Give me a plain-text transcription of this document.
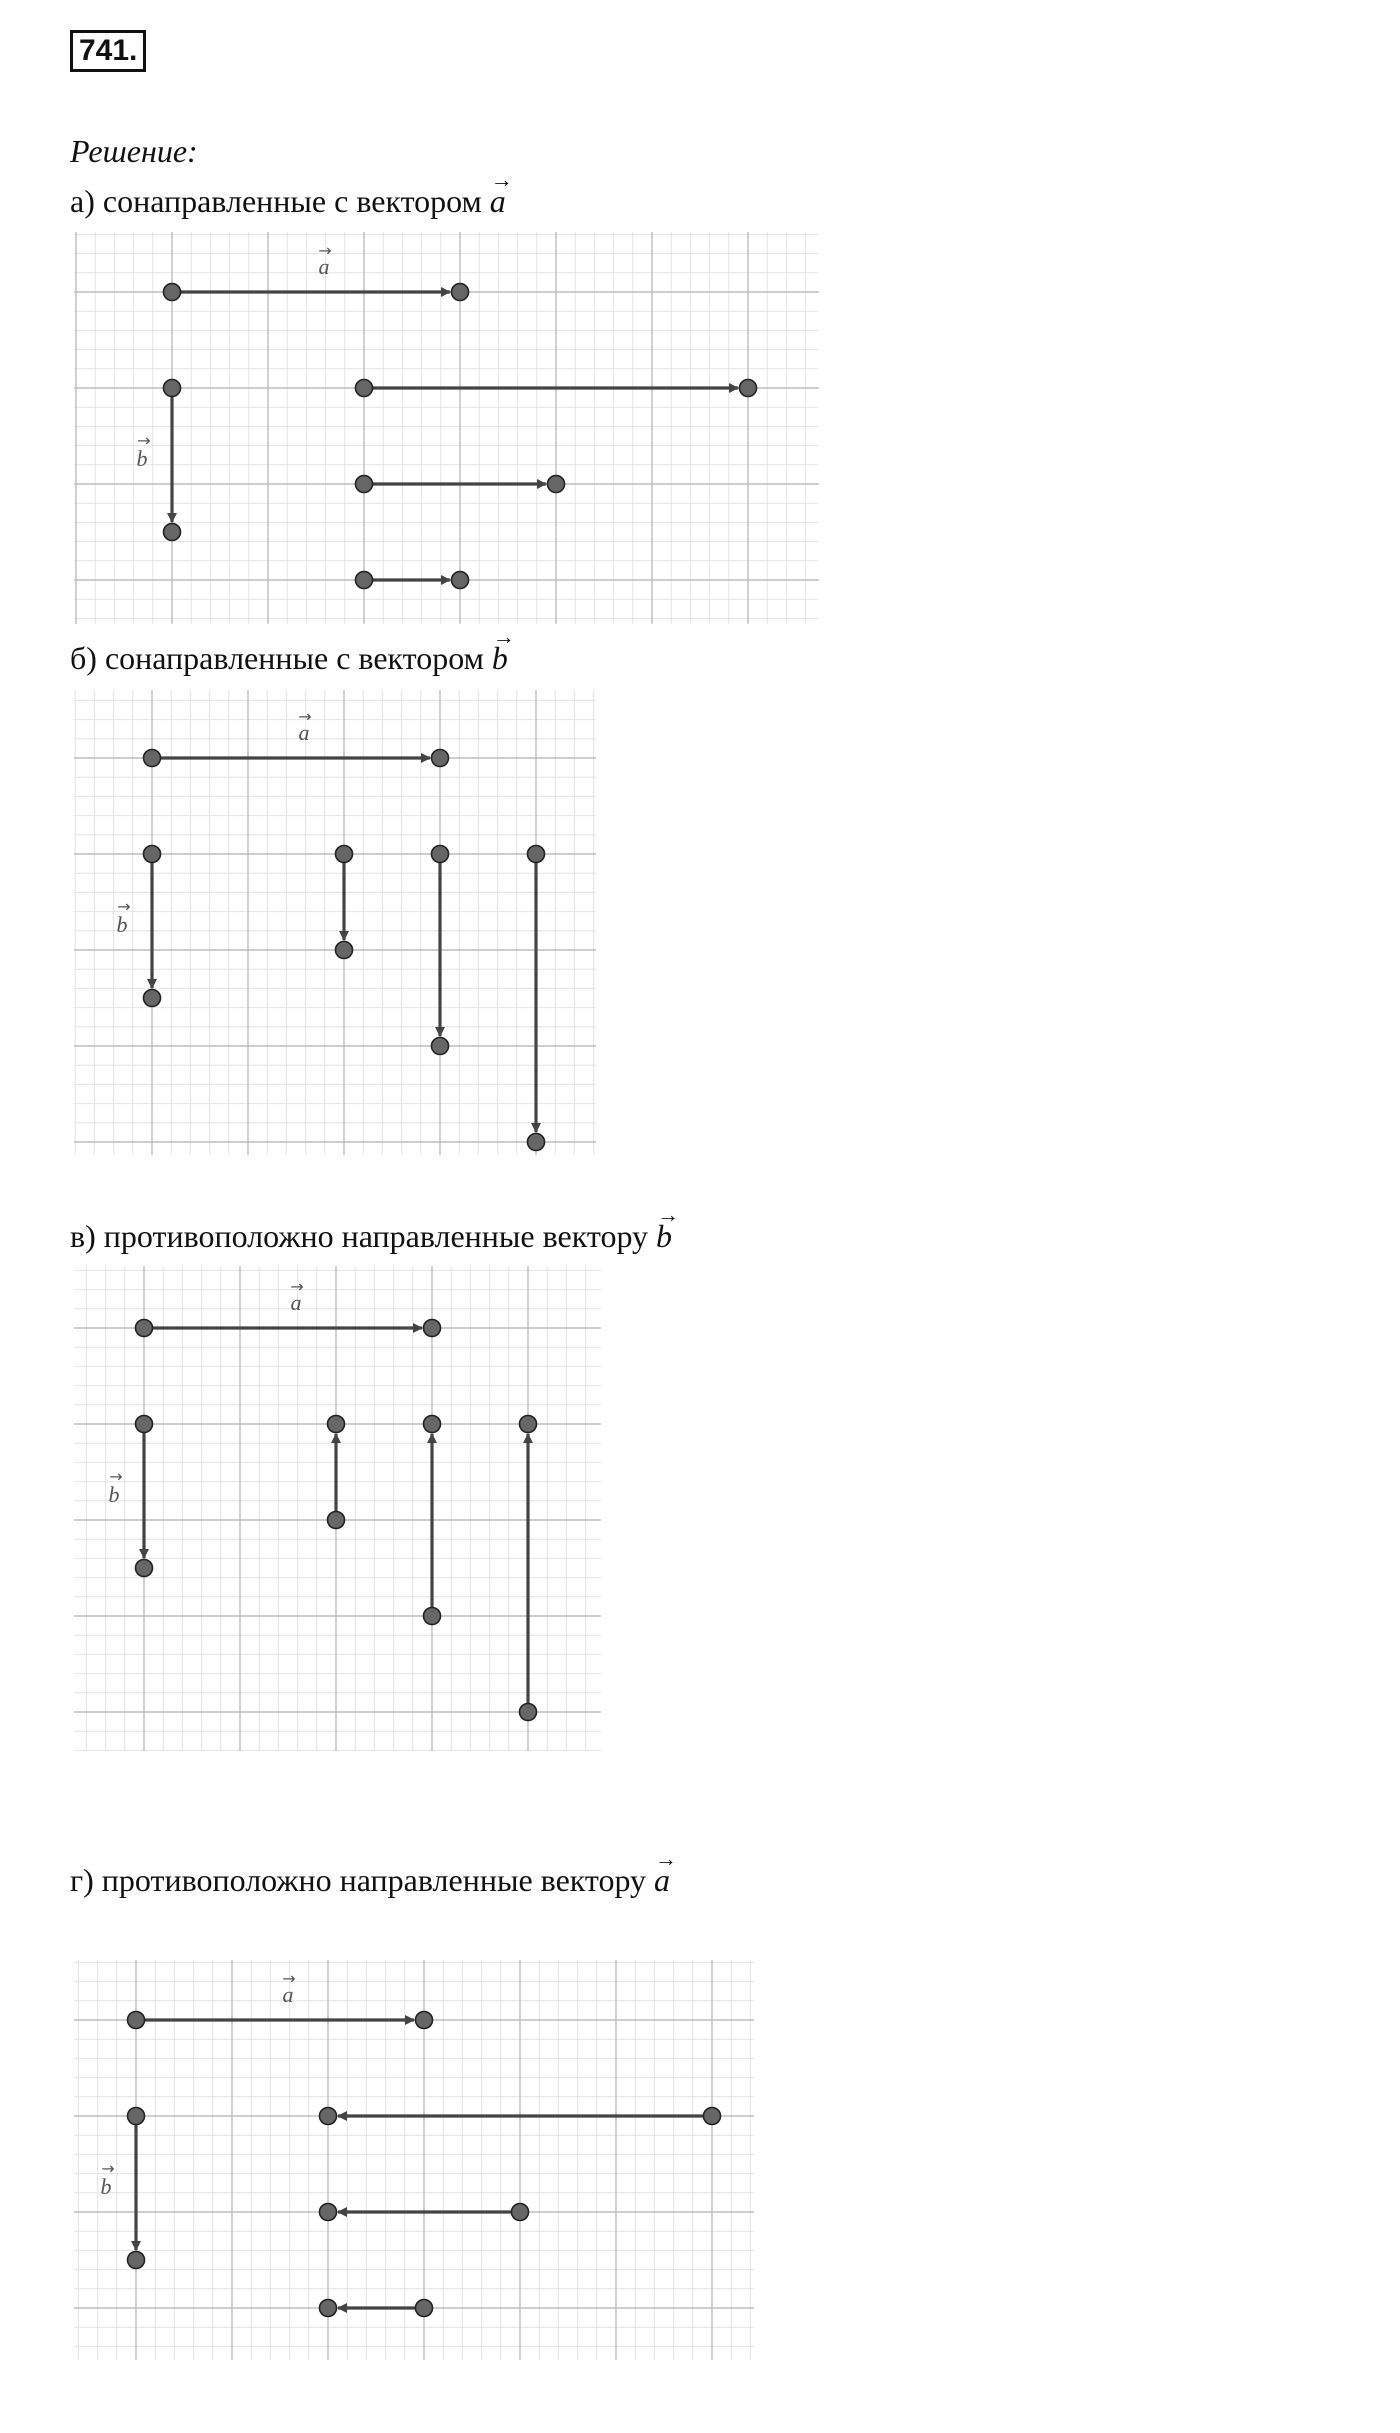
741.
Решение:
а) сонаправленные с вектором → a
a
→
b
→
б) сонаправленные с вектором → b
a
→
b
→
в) противоположно направленные вектору → b
a
→
b
→
г) противоположно направленные вектору → a
a
→
b
→
